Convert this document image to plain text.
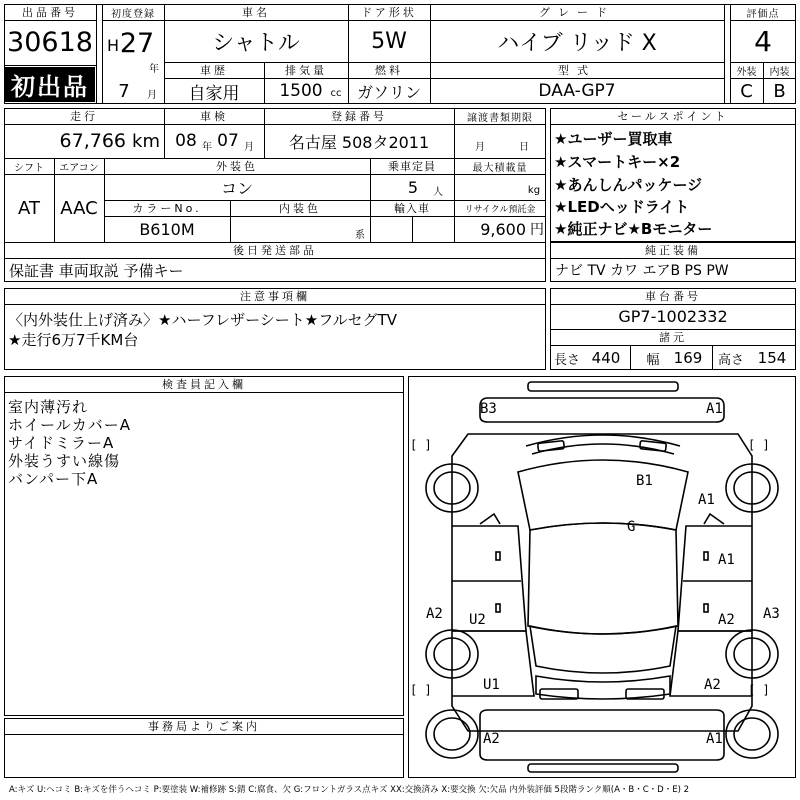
出品番号
30618
初出品
初度登録
H 27
年
7	月
車名
シャトル
ドア形状
5W
グレード
ハイブ リッド X
評価点
4
車歴
自家用
排気量
1500 cc
燃料
ガソリン
型式
DAA-GP7
外装	内装
C	B
走行
67,766 km
車検
08 年 07 月
登録番号
名古屋 508タ2011
譲渡書類期限
月	日
シフト
AT
エアコン
AAC
外装色
コン
乗車定員
5	人
最大積載量
kg
カラーNo.
B610M
内装色
系
輸入車	リサイクル預託金
9,600 円
後日発送部品
保証書 車両取説 予備キー
セールスポイント
★ユーザー買取車
★スマートキー×2
★あんしんパッケージ
★LEDヘッドライト
★純正ナビ★Bモニター
純正装備
ナビ TV カワ エアB PS PW
注意事項欄
〈内外装仕上げ済み〉★ハーフレザーシート★フルセグTV
★走行6万7千KM台
車台番号
GP7-1002332
諸元
長さ 440	幅 169	高さ 154
検査員記入欄
室内薄汚れ
ホイールカバーA
サイドミラーA
外装うすい線傷
バンパー下A
事務局よりご案内
B3	A1
B1
A1
G
A1
A2 U2	A2 A3
U1	A2
A2	A1
[ ]	[ ]
[ ]	[ ]
A:キズ U:ヘコミ B:キズを伴うヘコミ P:要塗装 W:補修跡 S:錆 C:腐食、欠 G:フロントガラス点キズ XX:交換済み X:要交換 欠:欠品 内外装評価 5段階ランク順(A・B・C・D・E) 2
